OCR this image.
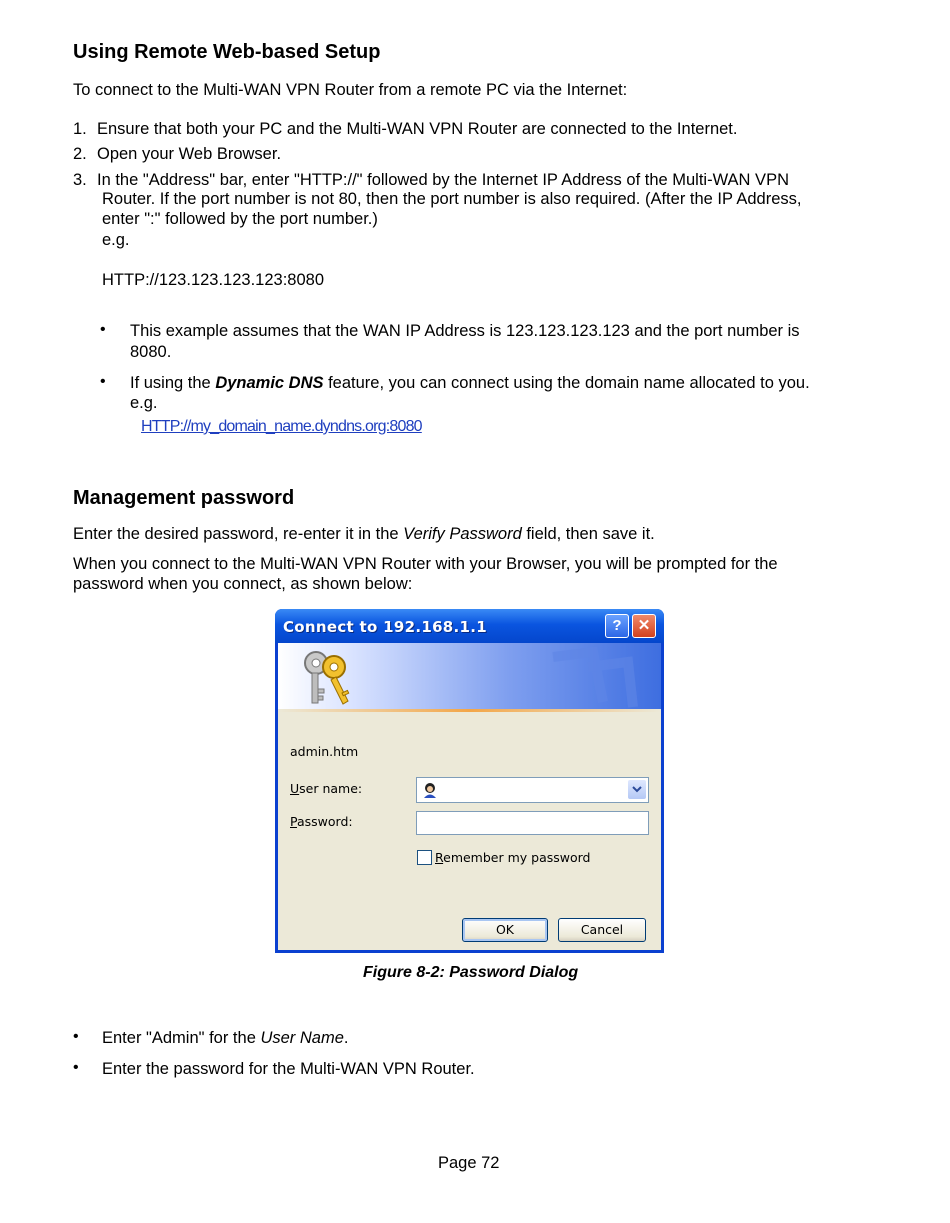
Using Remote Web-based Setup
To connect to the Multi-WAN VPN Router from a remote PC via the Internet:
1. Ensure that both your PC and the Multi-WAN VPN Router are connected to the Internet.
2. Open your Web Browser.
3. In the "Address" bar, enter "HTTP://" followed by the Internet IP Address of the Multi-WAN VPN
Router. If the port number is not 80, then the port number is also required. (After the IP Address,
enter ":" followed by the port number.)
e.g.
HTTP://123.123.123.123:8080
• This example assumes that the WAN IP Address is 123.123.123.123 and the port number is
8080.
• If using the Dynamic DNS feature, you can connect using the domain name allocated to you.
e.g.
HTTP://my_domain_name.dyndns.org:8080
Management password
Enter the desired password, re-enter it in the Verify Password field, then save it.
When you connect to the Multi-WAN VPN Router with your Browser, you will be prompted for the
password when you connect, as shown below:
Connect to 192.168.1.1	?	✕
admin.htm
User name:
Password:
Remember my password
OK	Cancel
Figure 8-2: Password Dialog
• Enter "Admin" for the User Name.
• Enter the password for the Multi-WAN VPN Router.
Page 72
